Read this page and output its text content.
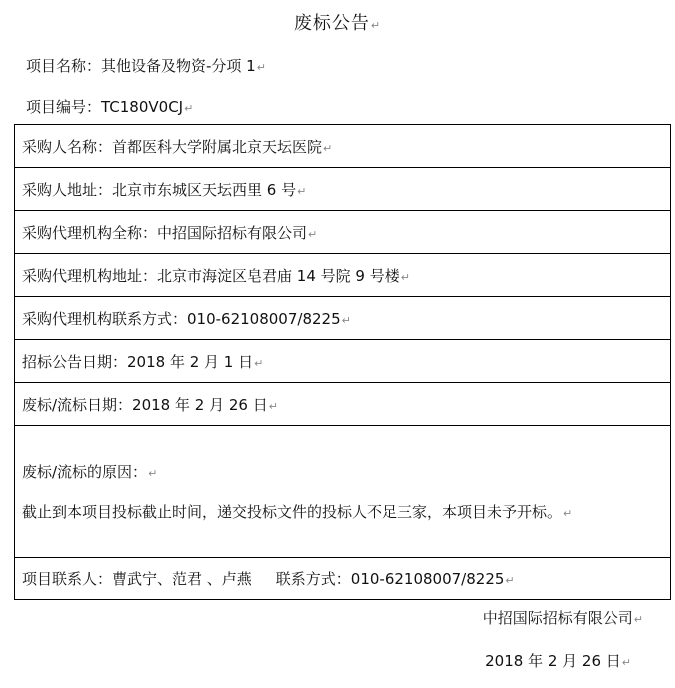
废标公告↵
项目名称：其他设备及物资-分项 1↵
项目编号：TC180V0CJ↵
采购人名称：首都医科大学附属北京天坛医院↵
采购人地址：北京市东城区天坛西里 6 号↵
采购代理机构全称：中招国际招标有限公司↵
采购代理机构地址：北京市海淀区皂君庙 14 号院 9 号楼↵
采购代理机构联系方式：010-62108007/8225↵
招标公告日期：2018 年 2 月 1 日↵
废标/流标日期：2018 年 2 月 26 日↵

废标/流标的原因：↵
截止到本项目投标截止时间，递交投标文件的投标人不足三家，本项目未予开标。↵

项目联系人：曹武宁、范君 、卢燕 联系方式：010-62108007/8225↵
中招国际招标有限公司↵
2018 年 2 月 26 日↵
